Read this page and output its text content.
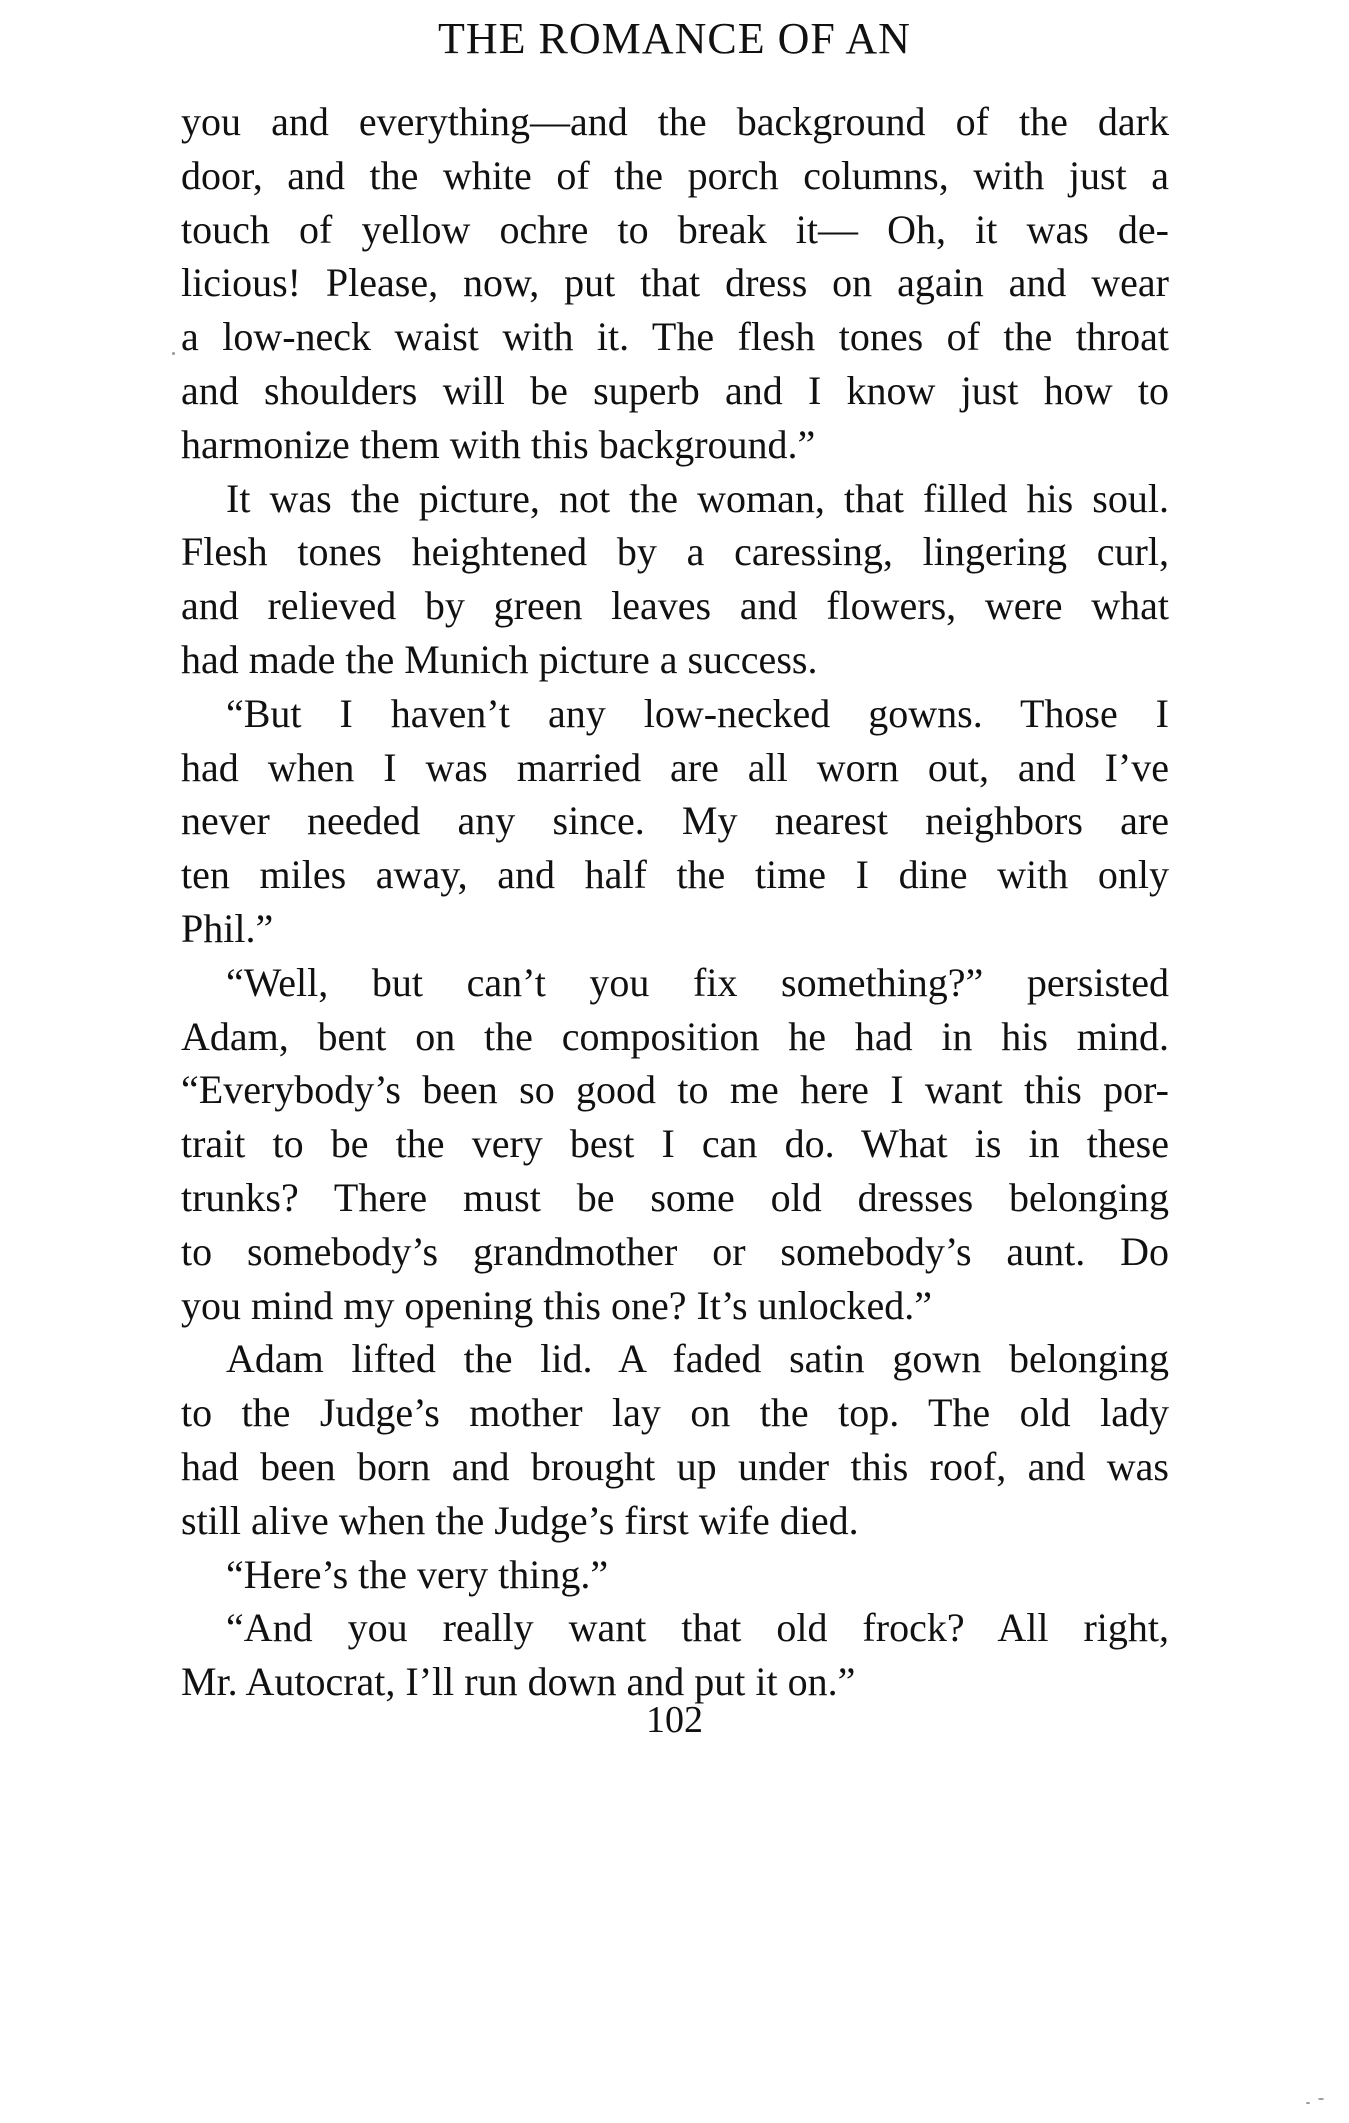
THE ROMANCE OF AN
you and everything—and the background of the dark
door, and the white of the porch columns, with just a
touch of yellow ochre to break it— Oh, it was de-
licious! Please, now, put that dress on again and wear
a low-neck waist with it. The flesh tones of the throat
and shoulders will be superb and I know just how to
harmonize them with this background.”
It was the picture, not the woman, that filled his soul.
Flesh tones heightened by a caressing, lingering curl,
and relieved by green leaves and flowers, were what
had made the Munich picture a success.
“But I haven’t any low-necked gowns. Those I
had when I was married are all worn out, and I’ve
never needed any since. My nearest neighbors are
ten miles away, and half the time I dine with only
Phil.”
“Well, but can’t you fix something?” persisted
Adam, bent on the composition he had in his mind.
“Everybody’s been so good to me here I want this por-
trait to be the very best I can do. What is in these
trunks? There must be some old dresses belonging
to somebody’s grandmother or somebody’s aunt. Do
you mind my opening this one? It’s unlocked.”
Adam lifted the lid. A faded satin gown belonging
to the Judge’s mother lay on the top. The old lady
had been born and brought up under this roof, and was
still alive when the Judge’s first wife died.
“Here’s the very thing.”
“And you really want that old frock? All right,
Mr. Autocrat, I’ll run down and put it on.”
102
